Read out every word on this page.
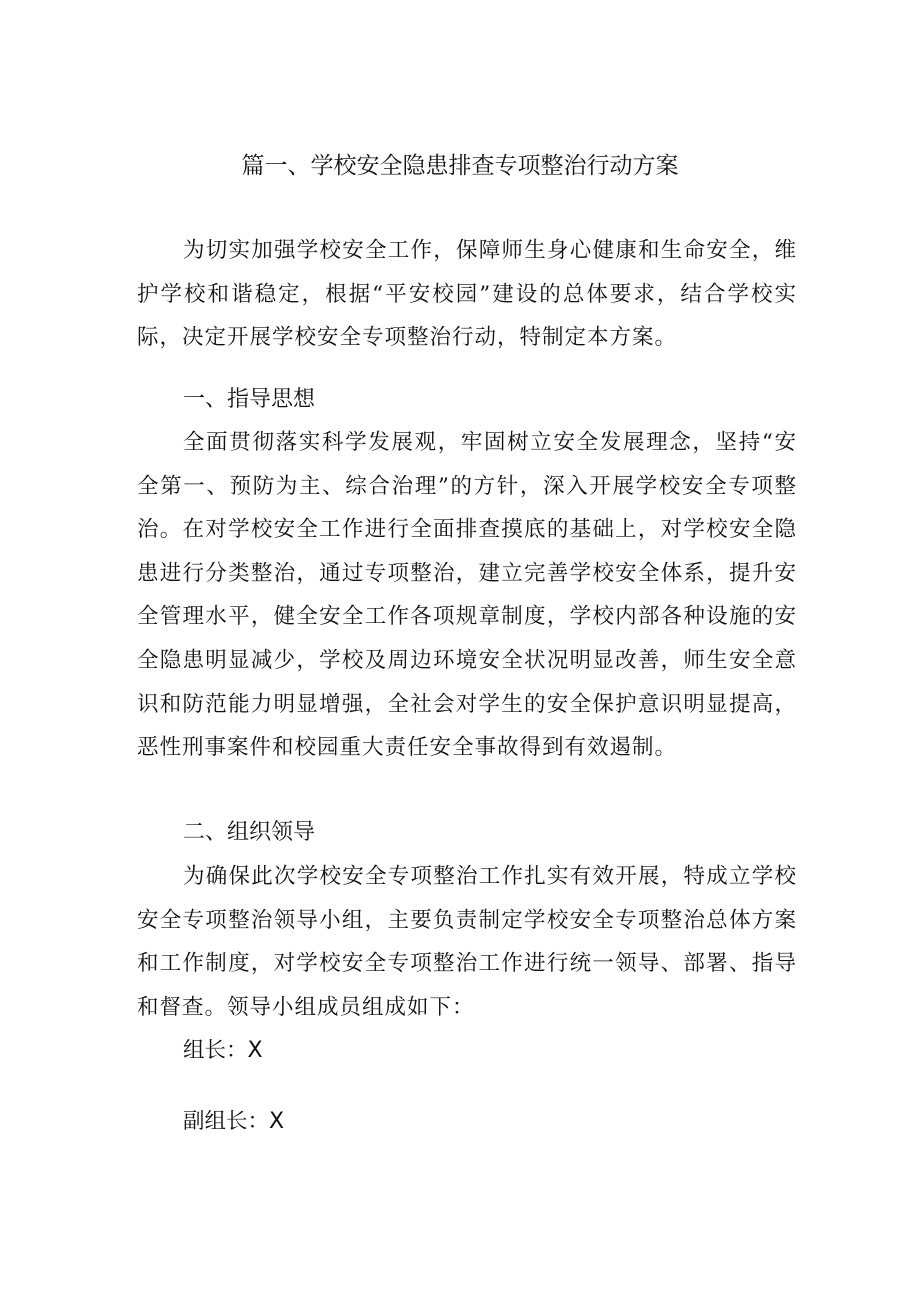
篇一、学校安全隐患排查专项整治行动方案

为切实加强学校安全工作，保障师生身心健康和生命安全，维护学校和谐稳定，根据“平安校园”建设的总体要求，结合学校实际，决定开展学校安全专项整治行动，特制定本方案。

一、指导思想

全面贯彻落实科学发展观，牢固树立安全发展理念，坚持“安全第一、预防为主、综合治理”的方针，深入开展学校安全专项整治。在对学校安全工作进行全面排查摸底的基础上，对学校安全隐患进行分类整治，通过专项整治，建立完善学校安全体系，提升安全管理水平，健全安全工作各项规章制度，学校内部各种设施的安全隐患明显减少，学校及周边环境安全状况明显改善，师生安全意识和防范能力明显增强，全社会对学生的安全保护意识明显提高，恶性刑事案件和校园重大责任安全事故得到有效遏制。

二、组织领导

为确保此次学校安全专项整治工作扎实有效开展，特成立学校安全专项整治领导小组，主要负责制定学校安全专项整治总体方案和工作制度，对学校安全专项整治工作进行统一领导、部署、指导和督查。领导小组成员组成如下：

组长：X
副组长：X
